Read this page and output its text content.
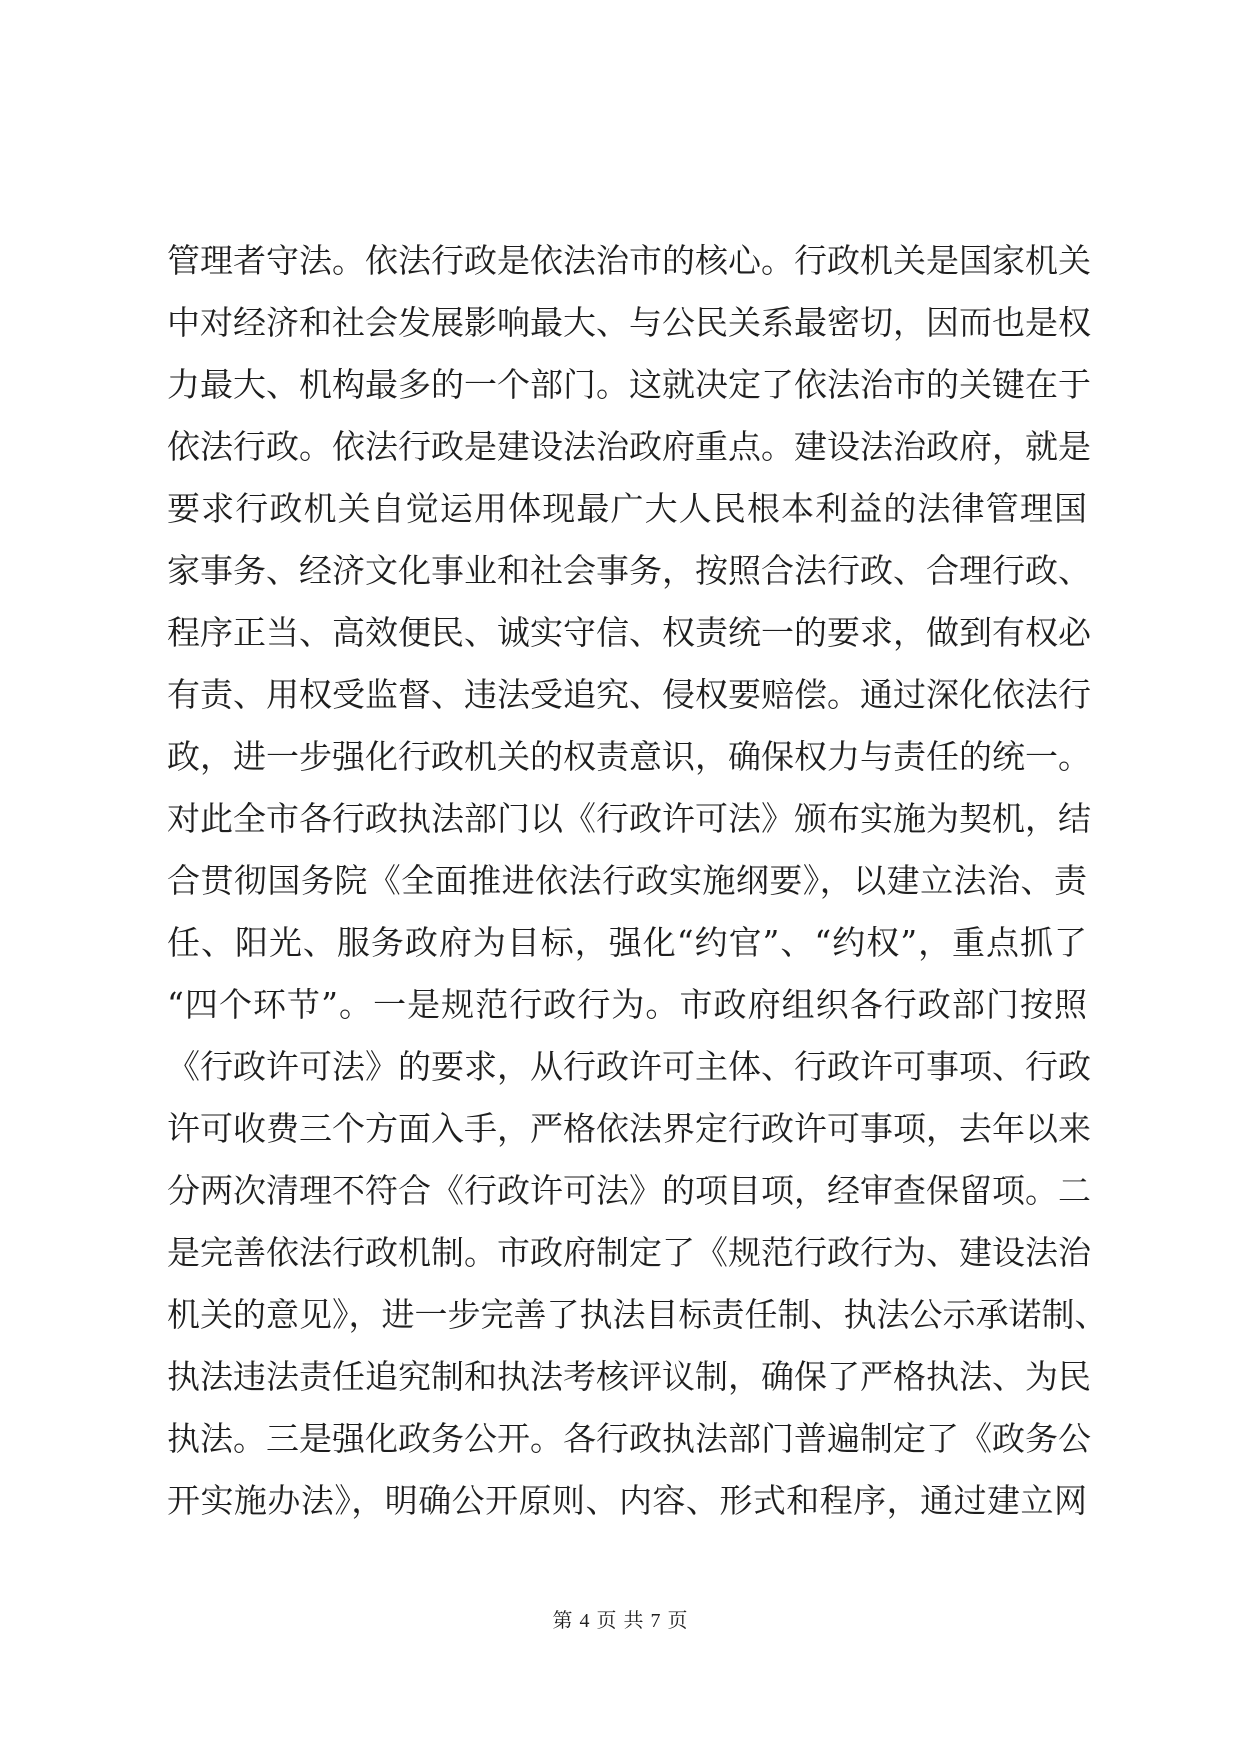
管理者守法。依法行政是依法治市的核心。行政机关是国家机关
中对经济和社会发展影响最大、与公民关系最密切，因而也是权
力最大、机构最多的一个部门。这就决定了依法治市的关键在于
依法行政。依法行政是建设法治政府重点。建设法治政府，就是
要求行政机关自觉运用体现最广大人民根本利益的法律管理国
家事务、经济文化事业和社会事务，按照合法行政、合理行政、
程序正当、高效便民、诚实守信、权责统一的要求，做到有权必
有责、用权受监督、违法受追究、侵权要赔偿。通过深化依法行
政，进一步强化行政机关的权责意识，确保权力与责任的统一。
对此全市各行政执法部门以《行政许可法》颁布实施为契机，结
合贯彻国务院《全面推进依法行政实施纲要》，以建立法治、责
任、阳光、服务政府为目标，强化“约官”、“约权”，重点抓了
“四个环节”。一是规范行政行为。市政府组织各行政部门按照
《行政许可法》的要求，从行政许可主体、行政许可事项、行政
许可收费三个方面入手，严格依法界定行政许可事项，去年以来
分两次清理不符合《行政许可法》的项目项，经审查保留项。二
是完善依法行政机制。市政府制定了《规范行政行为、建设法治
机关的意见》，进一步完善了执法目标责任制、执法公示承诺制、
执法违法责任追究制和执法考核评议制，确保了严格执法、为民
执法。三是强化政务公开。各行政执法部门普遍制定了《政务公
开实施办法》，明确公开原则、内容、形式和程序，通过建立网
第 4 页 共 7 页
